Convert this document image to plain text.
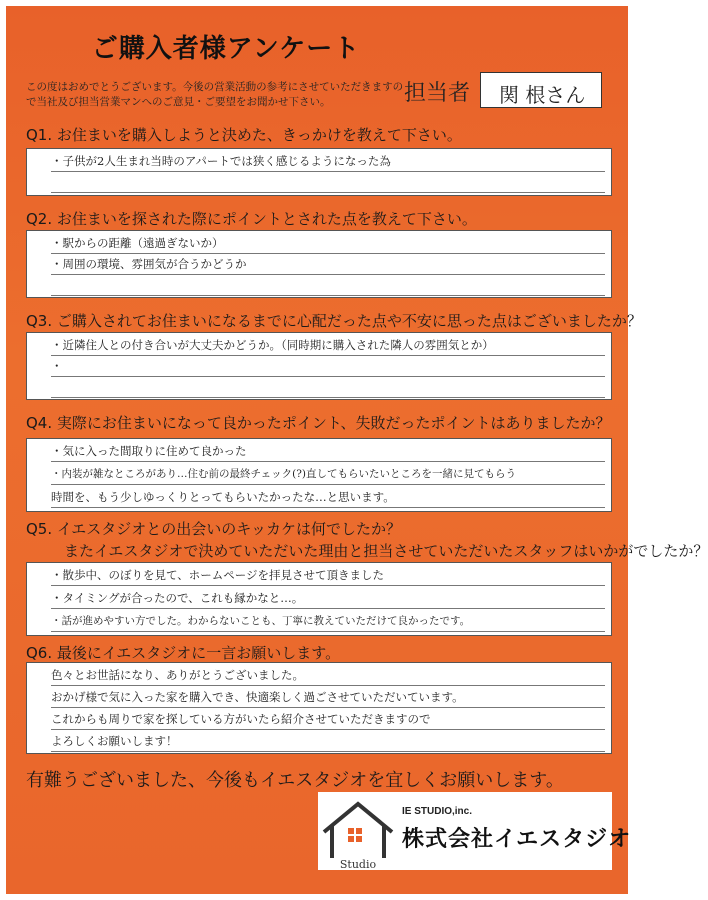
ご購入者様アンケート
この度はおめでとうございます。今後の営業活動の参考にさせていただきますので当社及び担当営業マンへのご意見・ご要望をお聞かせ下さい。	担当者 関 根さん
Q1. お住まいを購入しようと決めた、きっかけを教えて下さい。
・子供が2人生まれ当時のアパートでは狭く感じるようになった為
Q2. お住まいを探された際にポイントとされた点を教えて下さい。
・駅からの距離（遠過ぎないか）
・周囲の環境、雰囲気が合うかどうか
Q3. ご購入されてお住まいになるまでに心配だった点や不安に思った点はございましたか？
・近隣住人との付き合いが大丈夫かどうか。（同時期に購入された隣人の雰囲気とか）
・
Q4. 実際にお住まいになって良かったポイント、失敗だったポイントはありましたか？
・気に入った間取りに住めて良かった
・内装が雑なところがあり…住む前の最終チェック(?)直してもらいたいところを一緒に見てもらう
時間を、もう少しゆっくりとってもらいたかったな…と思います。
Q5. イエスタジオとの出会いのキッカケは何でしたか？
またイエスタジオで決めていただいた理由と担当させていただいたスタッフはいかがでしたか？
・散歩中、のぼりを見て、ホームページを拝見させて頂きました
・タイミングが合ったので、これも縁かなと…。
・話が進めやすい方でした。わからないことも、丁寧に教えていただけて良かったです。
Q6. 最後にイエスタジオに一言お願いします。
色々とお世話になり、ありがとうございました。
おかげ様で気に入った家を購入でき、快適楽しく過ごさせていただいています。
これからも周りで家を探している方がいたら紹介させていただきますので
よろしくお願いします！
有難うございました、今後もイエスタジオを宜しくお願いします。
Studio
IE STUDIO,inc.
株式会社イエスタジオ
